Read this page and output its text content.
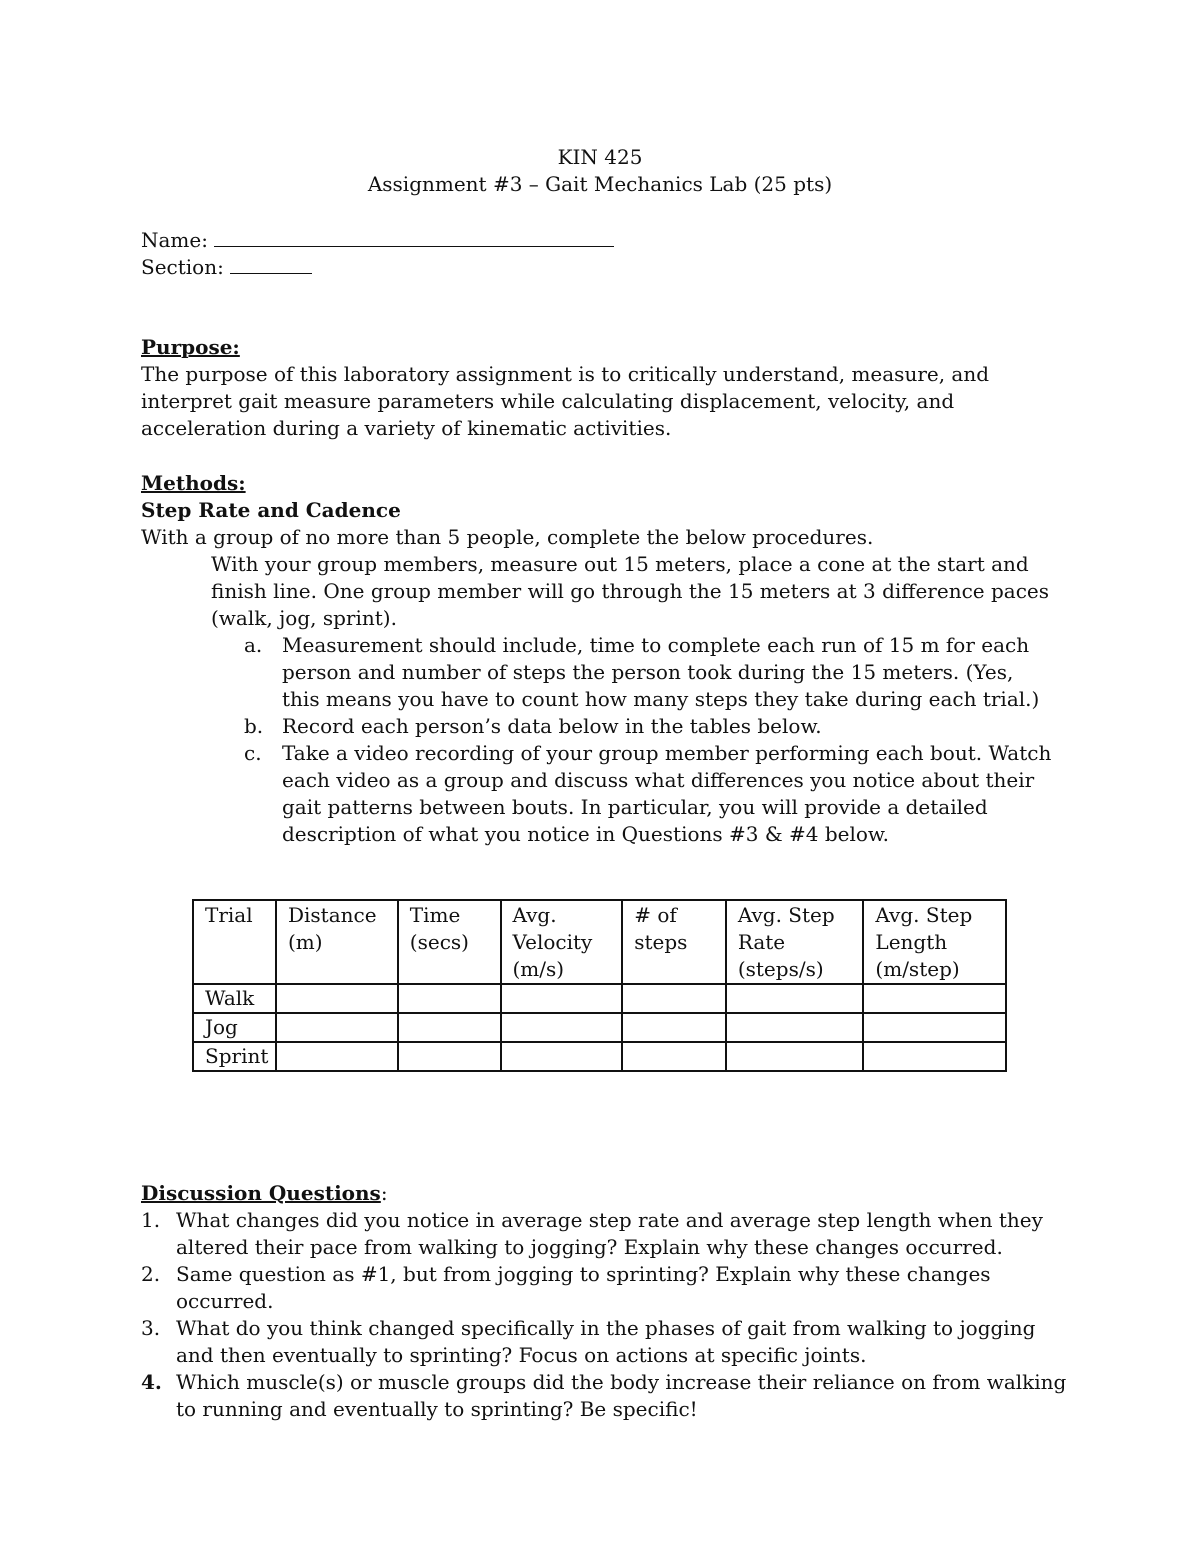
KIN 425
Assignment #3 – Gait Mechanics Lab (25 pts)
Name:
Section:

Purpose:

The purpose of this laboratory assignment is to critically understand, measure, and interpret gait measure parameters while calculating displacement, velocity, and acceleration during a variety of kinematic activities.

Methods:

Step Rate and Cadence

With a group of no more than 5 people, complete the below procedures.

With your group members, measure out 15 meters, place a cone at the start and finish line. One group member will go through the 15 meters at 3 difference paces (walk, jog, sprint).
a. Measurement should include, time to complete each run of 15 m for each person and number of steps the person took during the 15 meters. (Yes, this means you have to count how many steps they take during each trial.)
b. Record each person’s data below in the tables below.
c.	Take a video recording of your group member performing each bout. Watch each video as a group and discuss what differences you notice about their gait patterns between bouts. In particular, you will provide a detailed description of what you notice in Questions #3 & #4 below.
Trial	Distance (m)	Time (secs)	Avg. Velocity (m/s)	# of steps	Avg. Step Rate (steps/s)	Avg. Step Length (m/step)
Walk						
Jog						
Sprint						
Discussion Questions:
1. What changes did you notice in average step rate and average step length when they altered their pace from walking to jogging? Explain why these changes occurred.
2. Same question as #1, but from jogging to sprinting? Explain why these changes occurred.
3. What do you think changed specifically in the phases of gait from walking to jogging and then eventually to sprinting? Focus on actions at specific joints.
4. Which muscle(s) or muscle groups did the body increase their reliance on from walking to running and eventually to sprinting? Be specific!
